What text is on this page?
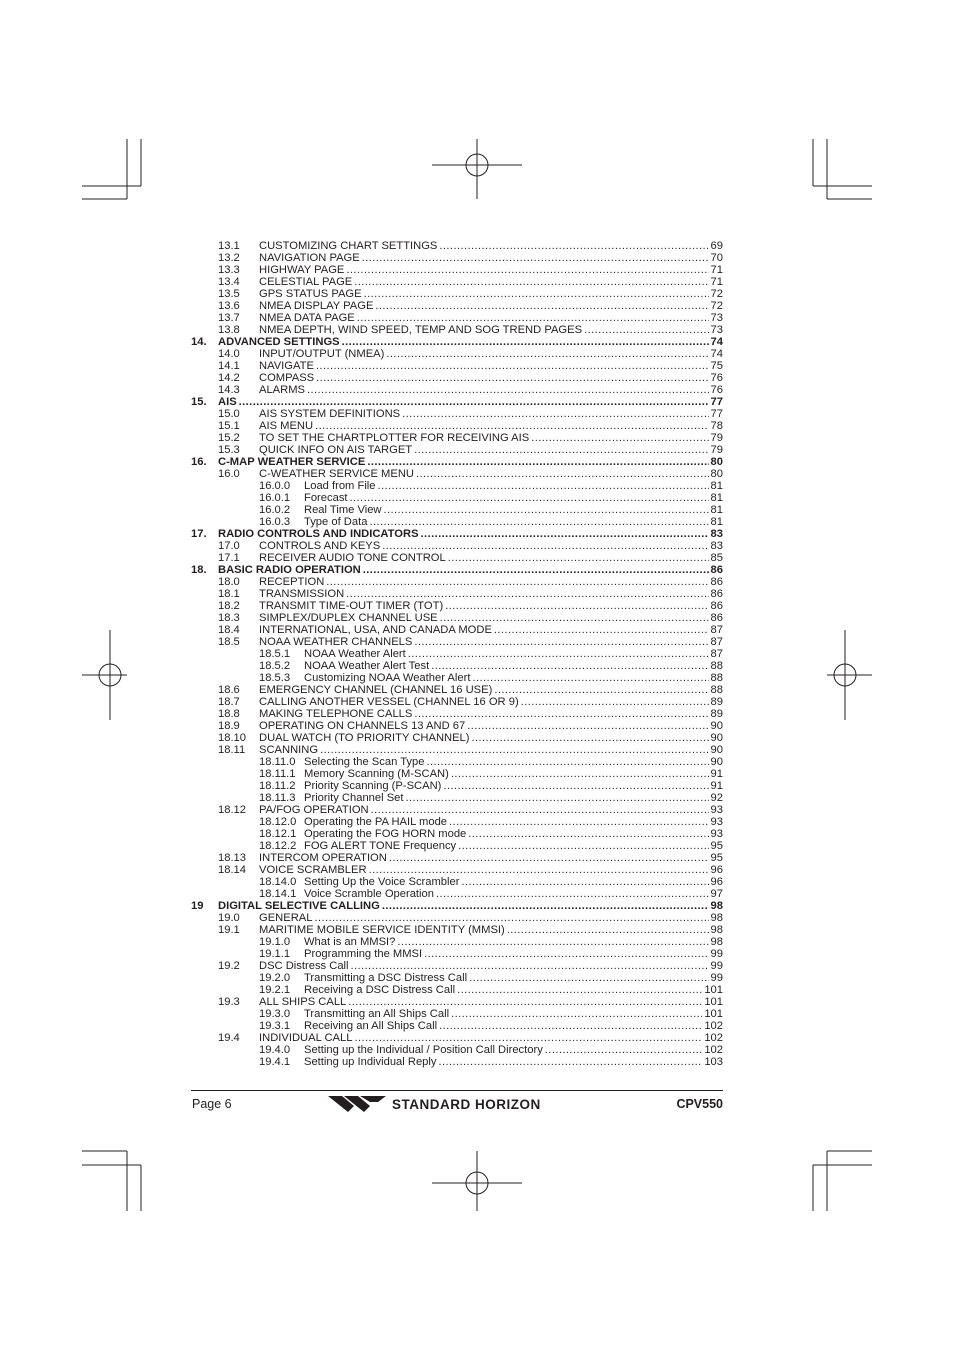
13.1 CUSTOMIZING CHART SETTINGS .....	69
13.2 NAVIGATION PAGE .....	70
13.3 HIGHWAY PAGE .....	71
13.4 CELESTIAL PAGE .....	71
13.5 GPS STATUS PAGE .....	72
13.6 NMEA DISPLAY PAGE .....	72
13.7 NMEA DATA PAGE .....	73
13.8 NMEA DEPTH, WIND SPEED, TEMP AND SOG TREND PAGES .....	73
14. ADVANCED SETTINGS .....	74
14.0 INPUT/OUTPUT (NMEA) .....	74
14.1 NAVIGATE .....	75
14.2 COMPASS .....	76
14.3 ALARMS .....	76
15. AIS .....	77
15.0 AIS SYSTEM DEFINITIONS .....	77
15.1 AIS MENU .....	78
15.2 TO SET THE CHARTPLOTTER FOR RECEIVING AIS .....	79
15.3 QUICK INFO ON AIS TARGET .....	79
16. C-MAP WEATHER SERVICE .....	80
16.0 C-WEATHER SERVICE MENU .....	80
16.0.0 Load from File .....	81
16.0.1 Forecast .....	81
16.0.2 Real Time View .....	81
16.0.3 Type of Data .....	81
17. RADIO CONTROLS AND INDICATORS .....	83
17.0 CONTROLS AND KEYS .....	83
17.1 RECEIVER AUDIO TONE CONTROL .....	85
18. BASIC RADIO OPERATION .....	86
18.0 RECEPTION .....	86
18.1 TRANSMISSION .....	86
18.2 TRANSMIT TIME-OUT TIMER (TOT) .....	86
18.3 SIMPLEX/DUPLEX CHANNEL USE .....	86
18.4 INTERNATIONAL, USA, AND CANADA MODE .....	87
18.5 NOAA WEATHER CHANNELS .....	87
18.5.1 NOAA Weather Alert .....	87
18.5.2 NOAA Weather Alert Test .....	88
18.5.3 Customizing NOAA Weather Alert .....	88
18.6 EMERGENCY CHANNEL (CHANNEL 16 USE) .....	88
18.7 CALLING ANOTHER VESSEL (CHANNEL 16 OR 9) .....	89
18.8 MAKING TELEPHONE CALLS .....	89
18.9 OPERATING ON CHANNELS 13 AND 67 .....	90
18.10 DUAL WATCH (TO PRIORITY CHANNEL) .....	90
18.11 SCANNING .....	90
18.11.0 Selecting the Scan Type .....	90
18.11.1 Memory Scanning (M-SCAN) .....	91
18.11.2 Priority Scanning (P-SCAN) .....	91
18.11.3 Priority Channel Set .....	92
18.12 PA/FOG OPERATION .....	93
18.12.0 Operating the PA HAIL mode .....	93
18.12.1 Operating the FOG HORN mode .....	93
18.12.2 FOG ALERT TONE Frequency .....	95
18.13 INTERCOM OPERATION .....	95
18.14 VOICE SCRAMBLER .....	96
18.14.0 Setting Up the Voice Scrambler .....	96
18.14.1 Voice Scramble Operation .....	97
19 DIGITAL SELECTIVE CALLING .....	98
19.0 GENERAL .....	98
19.1 MARITIME MOBILE SERVICE IDENTITY (MMSI) .....	98
19.1.0 What is an MMSI? .....	98
19.1.1 Programming the MMSI .....	99
19.2 DSC Distress Call .....	99
19.2.0 Transmitting a DSC Distress Call .....	99
19.2.1 Receiving a DSC Distress Call .....	101
19.3 ALL SHIPS CALL .....	101
19.3.0 Transmitting an All Ships Call .....	101
19.3.1 Receiving an All Ships Call .....	102
19.4 INDIVIDUAL CALL .....	102
19.4.0 Setting up the Individual / Position Call Directory .....	102
19.4.1 Setting up Individual Reply .....	103
Page 6	STANDARD HORIZON	CPV550
